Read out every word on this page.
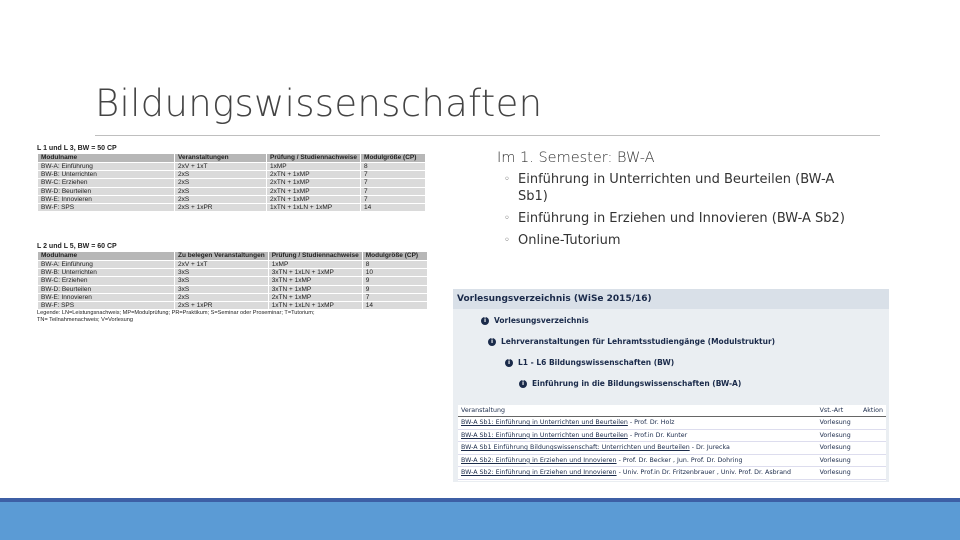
Bildungswissenschaften
L 1 und L 3, BW = 50 CP
Modulname	Veranstaltungen	Prüfung / Studiennachweise	Modulgröße (CP)
BW-A: Einführung	2xV + 1xT	1xMP	8
BW-B: Unterrichten	2xS	2xTN + 1xMP	7
BW-C: Erziehen	2xS	2xTN + 1xMP	7
BW-D: Beurteilen	2xS	2xTN + 1xMP	7
BW-E: Innovieren	2xS	2xTN + 1xMP	7
BW-F: SPS	2xS + 1xPR	1xTN + 1xLN + 1xMP	14
L 2 und L 5, BW = 60 CP
Modulname	Zu belegen Veranstaltungen	Prüfung / Studiennachweise	Modulgröße (CP)
BW-A: Einführung	2xV + 1xT	1xMP	8
BW-B: Unterrichten	3xS	3xTN + 1xLN + 1xMP	10
BW-C: Erziehen	3xS	3xTN + 1xMP	9
BW-D: Beurteilen	3xS	3xTN + 1xMP	9
BW-E: Innovieren	2xS	2xTN + 1xMP	7
BW-F: SPS	2xS + 1xPR	1xTN + 1xLN + 1xMP	14
Legende: LN=Leistungsnachweis; MP=Modulprüfung; PR=Praktikum; S=Seminar oder Proseminar; T=Tutorium;
TN= Teilnahmenachweis; V=Vorlesung
Im 1. Semester: BW-A
◦ Einführung in Unterrichten und Beurteilen (BW-A Sb1)
◦ Einführung in Erziehen und Innovieren (BW-A Sb2)
◦ Online-Tutorium
Vorlesungsverzeichnis (WiSe 2015/16)
i Vorlesungsverzeichnis
i Lehrveranstaltungen für Lehramtsstudiengänge (Modulstruktur)
i L1 - L6 Bildungswissenschaften (BW)
i Einführung in die Bildungswissenschaften (BW-A)
Veranstaltung	Vst.-Art	Aktion
BW-A Sb1: Einführung in Unterrichten und Beurteilen - Prof. Dr. Holz	Vorlesung	
BW-A Sb1: Einführung in Unterrichten und Beurteilen - Prof.in Dr. Kunter	Vorlesung	
BW-A Sb1 Einführung Bildungswissenschaft: Unterrichten und Beurteilen - Dr. Jurecka	Vorlesung	
BW-A Sb2: Einführung in Erziehen und Innovieren - Prof. Dr. Becker , Jun. Prof. Dr. Dohring	Vorlesung	
BW-A Sb2: Einführung in Erziehen und Innovieren - Univ. Prof.in Dr. Fritzenbrauer , Univ. Prof. Dr. Asbrand	Vorlesung	
